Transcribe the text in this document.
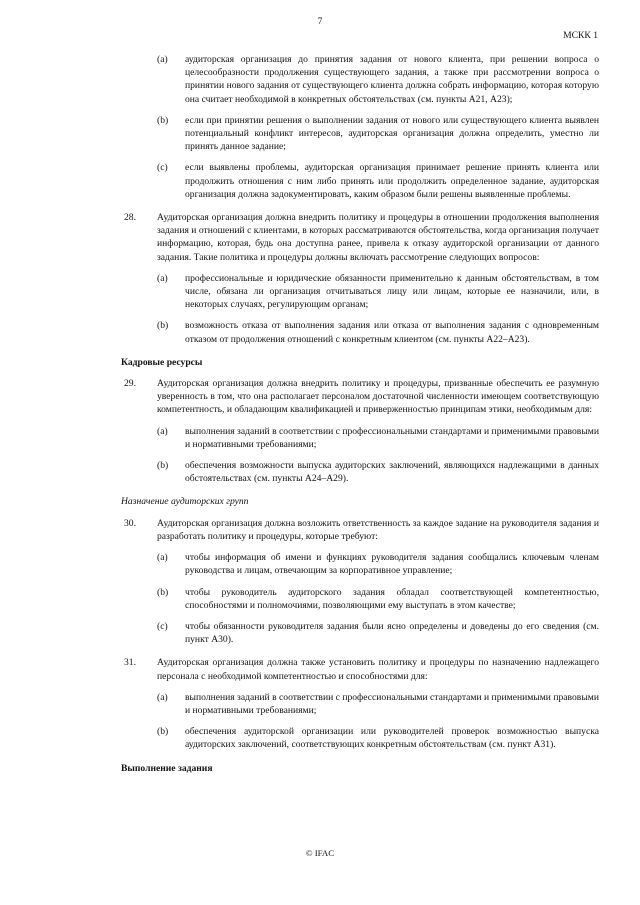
7
МСКК 1
(a) аудиторская организация до принятия задания от нового клиента, при решении вопроса о целесообразности продолжения существующего задания, а также при рассмотрении вопроса о принятии нового задания от существующего клиента должна собрать информацию, которая которую она считает необходимой в конкретных обстоятельствах (см. пункты А21, А23);
(b) если при принятии решения о выполнении задания от нового или существующего клиента выявлен потенциальный конфликт интересов, аудиторская организация должна определить, уместно ли принять данное задание;
(c) если выявлены проблемы, аудиторская организация принимает решение принять клиента или продолжить отношения с ним либо принять или продолжить определенное задание, аудиторская организация должна задокументировать, каким образом были решены выявленные проблемы.
28. Аудиторская организация должна внедрить политику и процедуры в отношении продолжения выполнения задания и отношений с клиентами, в которых рассматриваются обстоятельства, когда организация получает информацию, которая, будь она доступна ранее, привела к отказу аудиторской организации от данного задания. Такие политика и процедуры должны включать рассмотрение следующих вопросов:
(a) профессиональные и юридические обязанности применительно к данным обстоятельствам, в том числе, обязана ли организация отчитываться лицу или лицам, которые ее назначили, или, в некоторых случаях, регулирующим органам;
(b) возможность отказа от выполнения задания или отказа от выполнения задания с одновременным отказом от продолжения отношений с конкретным клиентом (см. пункты А22–А23).
Кадровые ресурсы
29. Аудиторская организация должна внедрить политику и процедуры, призванные обеспечить ее разумную уверенность в том, что она располагает персоналом достаточной численности имеющем соответствующую компетентность, и обладающим квалификацией и приверженностью принципам этики, необходимым для:
(a) выполнения заданий в соответствии с профессиональными стандартами и применимыми правовыми и нормативными требованиями;
(b) обеспечения возможности выпуска аудиторских заключений, являющихся надлежащими в данных обстоятельствах (см. пункты А24–А29).
Назначение аудиторских групп
30. Аудиторская организация должна возложить ответственность за каждое задание на руководителя задания и разработать политику и процедуры, которые требуют:
(a) чтобы информация об имени и функциях руководителя задания сообщались ключевым членам руководства и лицам, отвечающим за корпоративное управление;
(b) чтобы руководитель аудиторского задания обладал соответствующей компетентностью, способностями и полномочиями, позволяющими ему выступать в этом качестве;
(c) чтобы обязанности руководителя задания были ясно определены и доведены до его сведения (см. пункт А30).
31. Аудиторская организация должна также установить политику и процедуры по назначению надлежащего персонала с необходимой компетентностью и способностями для:
(a) выполнения заданий в соответствии с профессиональными стандартами и применимыми правовыми и нормативными требованиями;
(b) обеспечения аудиторской организации или руководителей проверок возможностью выпуска аудиторских заключений, соответствующих конкретным обстоятельствам (см. пункт А31).
Выполнение задания
© IFAC
